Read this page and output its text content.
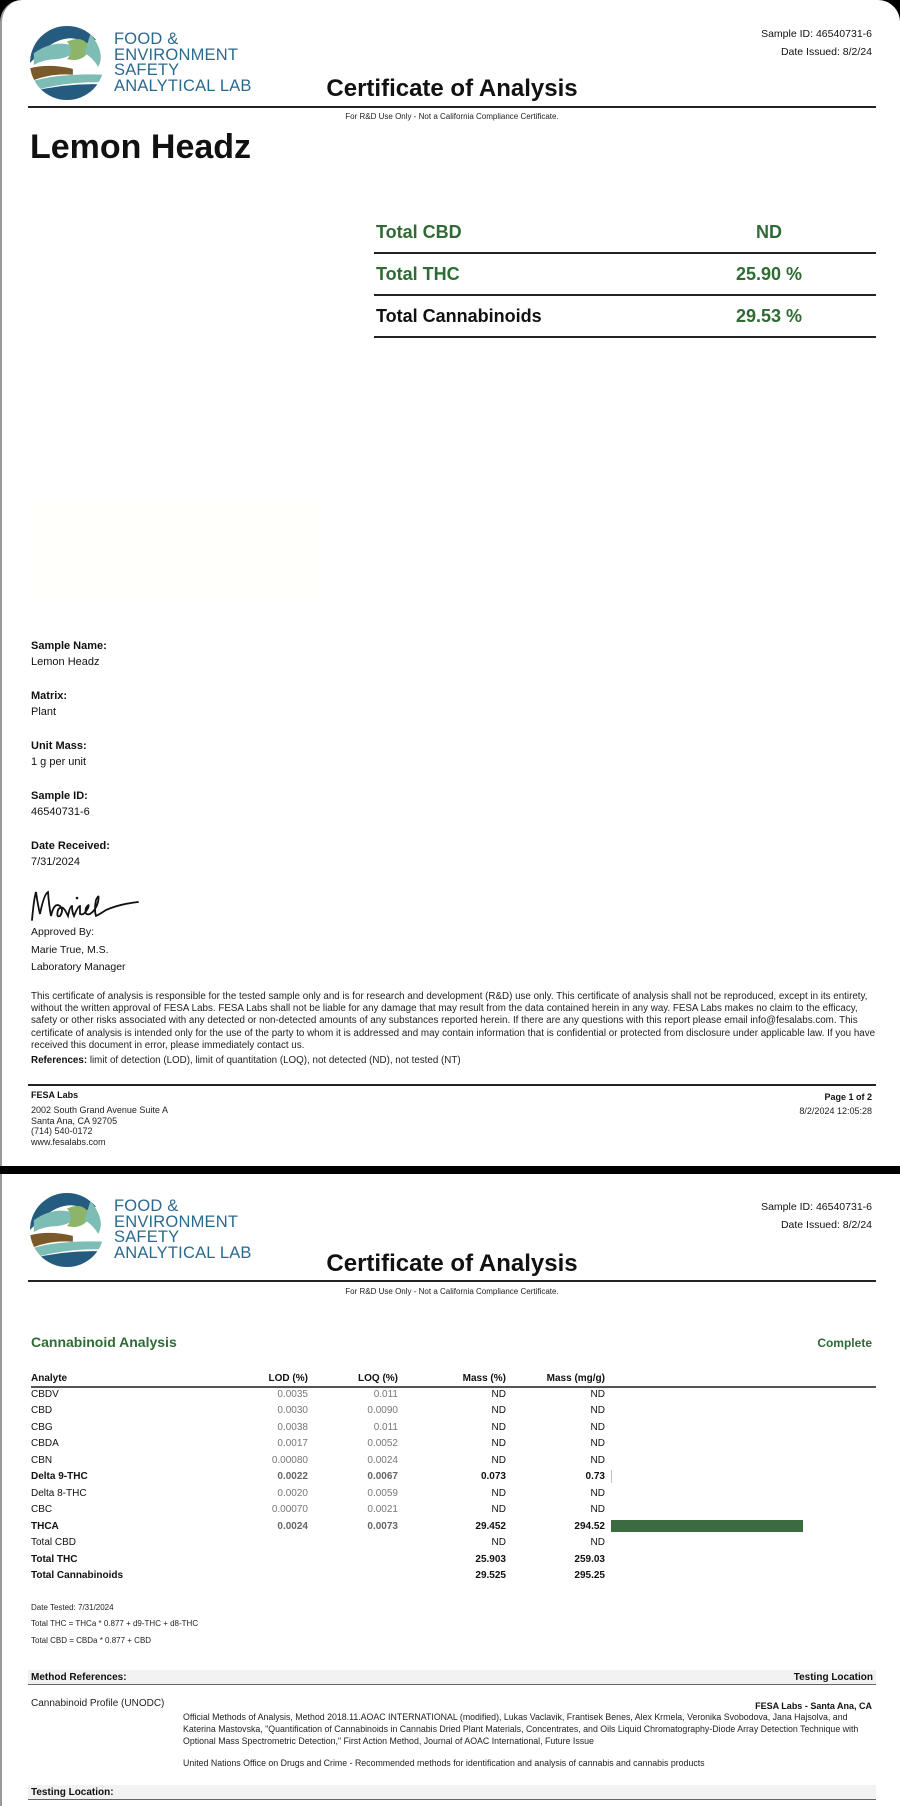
FOOD &
ENVIRONMENT
SAFETY
ANALYTICAL LAB
Sample ID: 46540731-6
Date Issued: 8/2/24
Certificate of Analysis
For R&D Use Only - Not a California Compliance Certificate.
Lemon Headz
Total CBD	ND
Total THC	25.90 %
Total Cannabinoids	29.53 %
Sample Name:
Lemon Headz
Matrix:
Plant
Unit Mass:
1 g per unit
Sample ID:
46540731-6
Date Received:
7/31/2024
Approved By:
Marie True, M.S.
Laboratory Manager
This certificate of analysis is responsible for the tested sample only and is for research and development (R&D) use only. This certificate of analysis shall not be reproduced, except in its entirety, without the written approval of FESA Labs. FESA Labs shall not be liable for any damage that may result from the data contained herein in any way. FESA Labs makes no claim to the efficacy, safety or other risks associated with any detected or non-detected amounts of any substances reported herein. If there are any questions with this report please email info@fesalabs.com. This certificate of analysis is intended only for the use of the party to whom it is addressed and may contain information that is confidential or protected from disclosure under applicable law. If you have received this document in error, please immediately contact us.
References: limit of detection (LOD), limit of quantitation (LOQ), not detected (ND), not tested (NT)
FESA Labs
2002 South Grand Avenue Suite A
Santa Ana, CA 92705
(714) 540-0172
www.fesalabs.com
Page 1 of 2
8/2/2024 12:05:28
FOOD &
ENVIRONMENT
SAFETY
ANALYTICAL LAB
Sample ID: 46540731-6
Date Issued: 8/2/24
Certificate of Analysis
For R&D Use Only - Not a California Compliance Certificate.
Cannabinoid Analysis	Complete
Analyte	LOD (%)	LOQ (%)	Mass (%)	Mass (mg/g)	
CBDV	0.0035	0.011	ND	ND	
CBD	0.0030	0.0090	ND	ND	
CBG	0.0038	0.011	ND	ND	
CBDA	0.0017	0.0052	ND	ND	
CBN	0.00080	0.0024	ND	ND	
Delta 9-THC	0.0022	0.0067	0.073	0.73	
Delta 8-THC	0.0020	0.0059	ND	ND	
CBC	0.00070	0.0021	ND	ND	
THCA	0.0024	0.0073	29.452	294.52	
Total CBD			ND	ND	
Total THC			25.903	259.03	
Total Cannabinoids			29.525	295.25	
Date Tested: 7/31/2024
Total THC = THCa * 0.877 + d9-THC + d8-THC
Total CBD = CBDa * 0.877 + CBD
Method References:	Testing Location
Cannabinoid Profile (UNODC)	FESA Labs - Santa Ana, CA

Official Methods of Analysis, Method 2018.11.AOAC INTERNATIONAL (modified), Lukas Vaclavik, Frantisek Benes, Alex Krmela, Veronika Svobodova, Jana Hajsolva, and Katerina Mastovska, "Quantification of Cannabinoids in Cannabis Dried Plant Materials, Concentrates, and Oils Liquid Chromatography-Diode Array Detection Technique with Optional Mass Spectrometric Detection," First Action Method, Journal of AOAC International, Future Issue

United Nations Office on Drugs and Crime - Recommended methods for identification and analysis of cannabis and cannabis products

Testing Location:
